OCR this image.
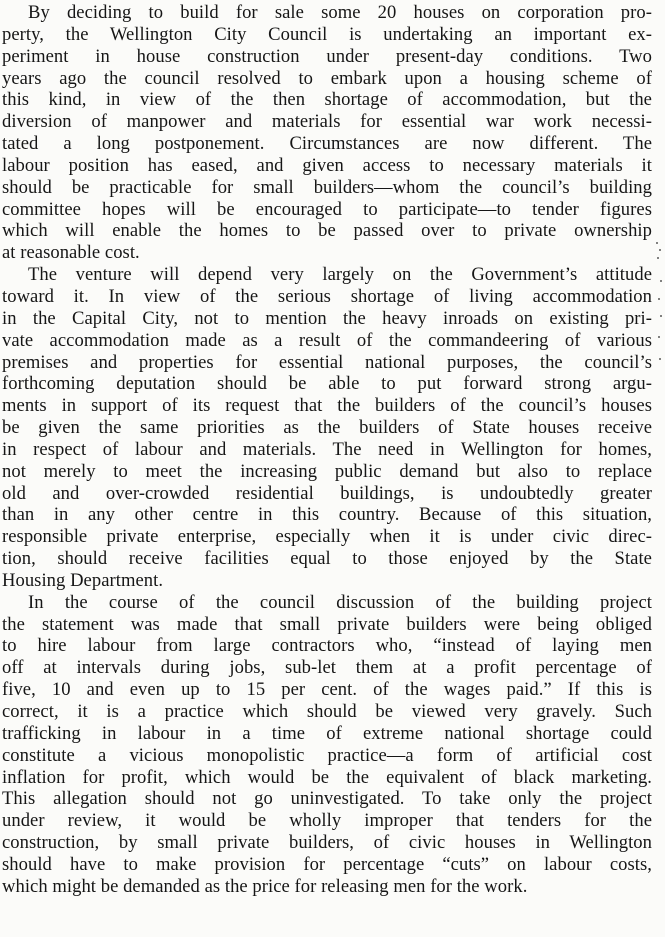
By deciding to build for sale some 20 houses on corporation pro-
perty, the Wellington City Council is undertaking an important ex-
periment in house construction under present-day conditions. Two
years ago the council resolved to embark upon a housing scheme of
this kind, in view of the then shortage of accommodation, but the
diversion of manpower and materials for essential war work necessi-
tated a long postponement. Circumstances are now different. The
labour position has eased, and given access to necessary materials it
should be practicable for small builders—whom the council’s building
committee hopes will be encouraged to participate—to tender figures
which will enable the homes to be passed over to private ownership
at reasonable cost.

The venture will depend very largely on the Government’s attitude
toward it. In view of the serious shortage of living accommodation
in the Capital City, not to mention the heavy inroads on existing pri-
vate accommodation made as a result of the commandeering of various
premises and properties for essential national purposes, the council’s
forthcoming deputation should be able to put forward strong argu-
ments in support of its request that the builders of the council’s houses
be given the same priorities as the builders of State houses receive
in respect of labour and materials. The need in Wellington for homes,
not merely to meet the increasing public demand but also to replace
old and over-crowded residential buildings, is undoubtedly greater
than in any other centre in this country. Because of this situation,
responsible private enterprise, especially when it is under civic direc-
tion, should receive facilities equal to those enjoyed by the State
Housing Department.

In the course of the council discussion of the building project
the statement was made that small private builders were being obliged
to hire labour from large contractors who, “instead of laying men
off at intervals during jobs, sub-let them at a profit percentage of
five, 10 and even up to 15 per cent. of the wages paid.” If this is
correct, it is a practice which should be viewed very gravely. Such
trafficking in labour in a time of extreme national shortage could
constitute a vicious monopolistic practice—a form of artificial cost
inflation for profit, which would be the equivalent of black marketing.
This allegation should not go uninvestigated. To take only the project
under review, it would be wholly improper that tenders for the
construction, by small private builders, of civic houses in Wellington
should have to make provision for percentage “cuts” on labour costs,
which might be demanded as the price for releasing men for the work.
